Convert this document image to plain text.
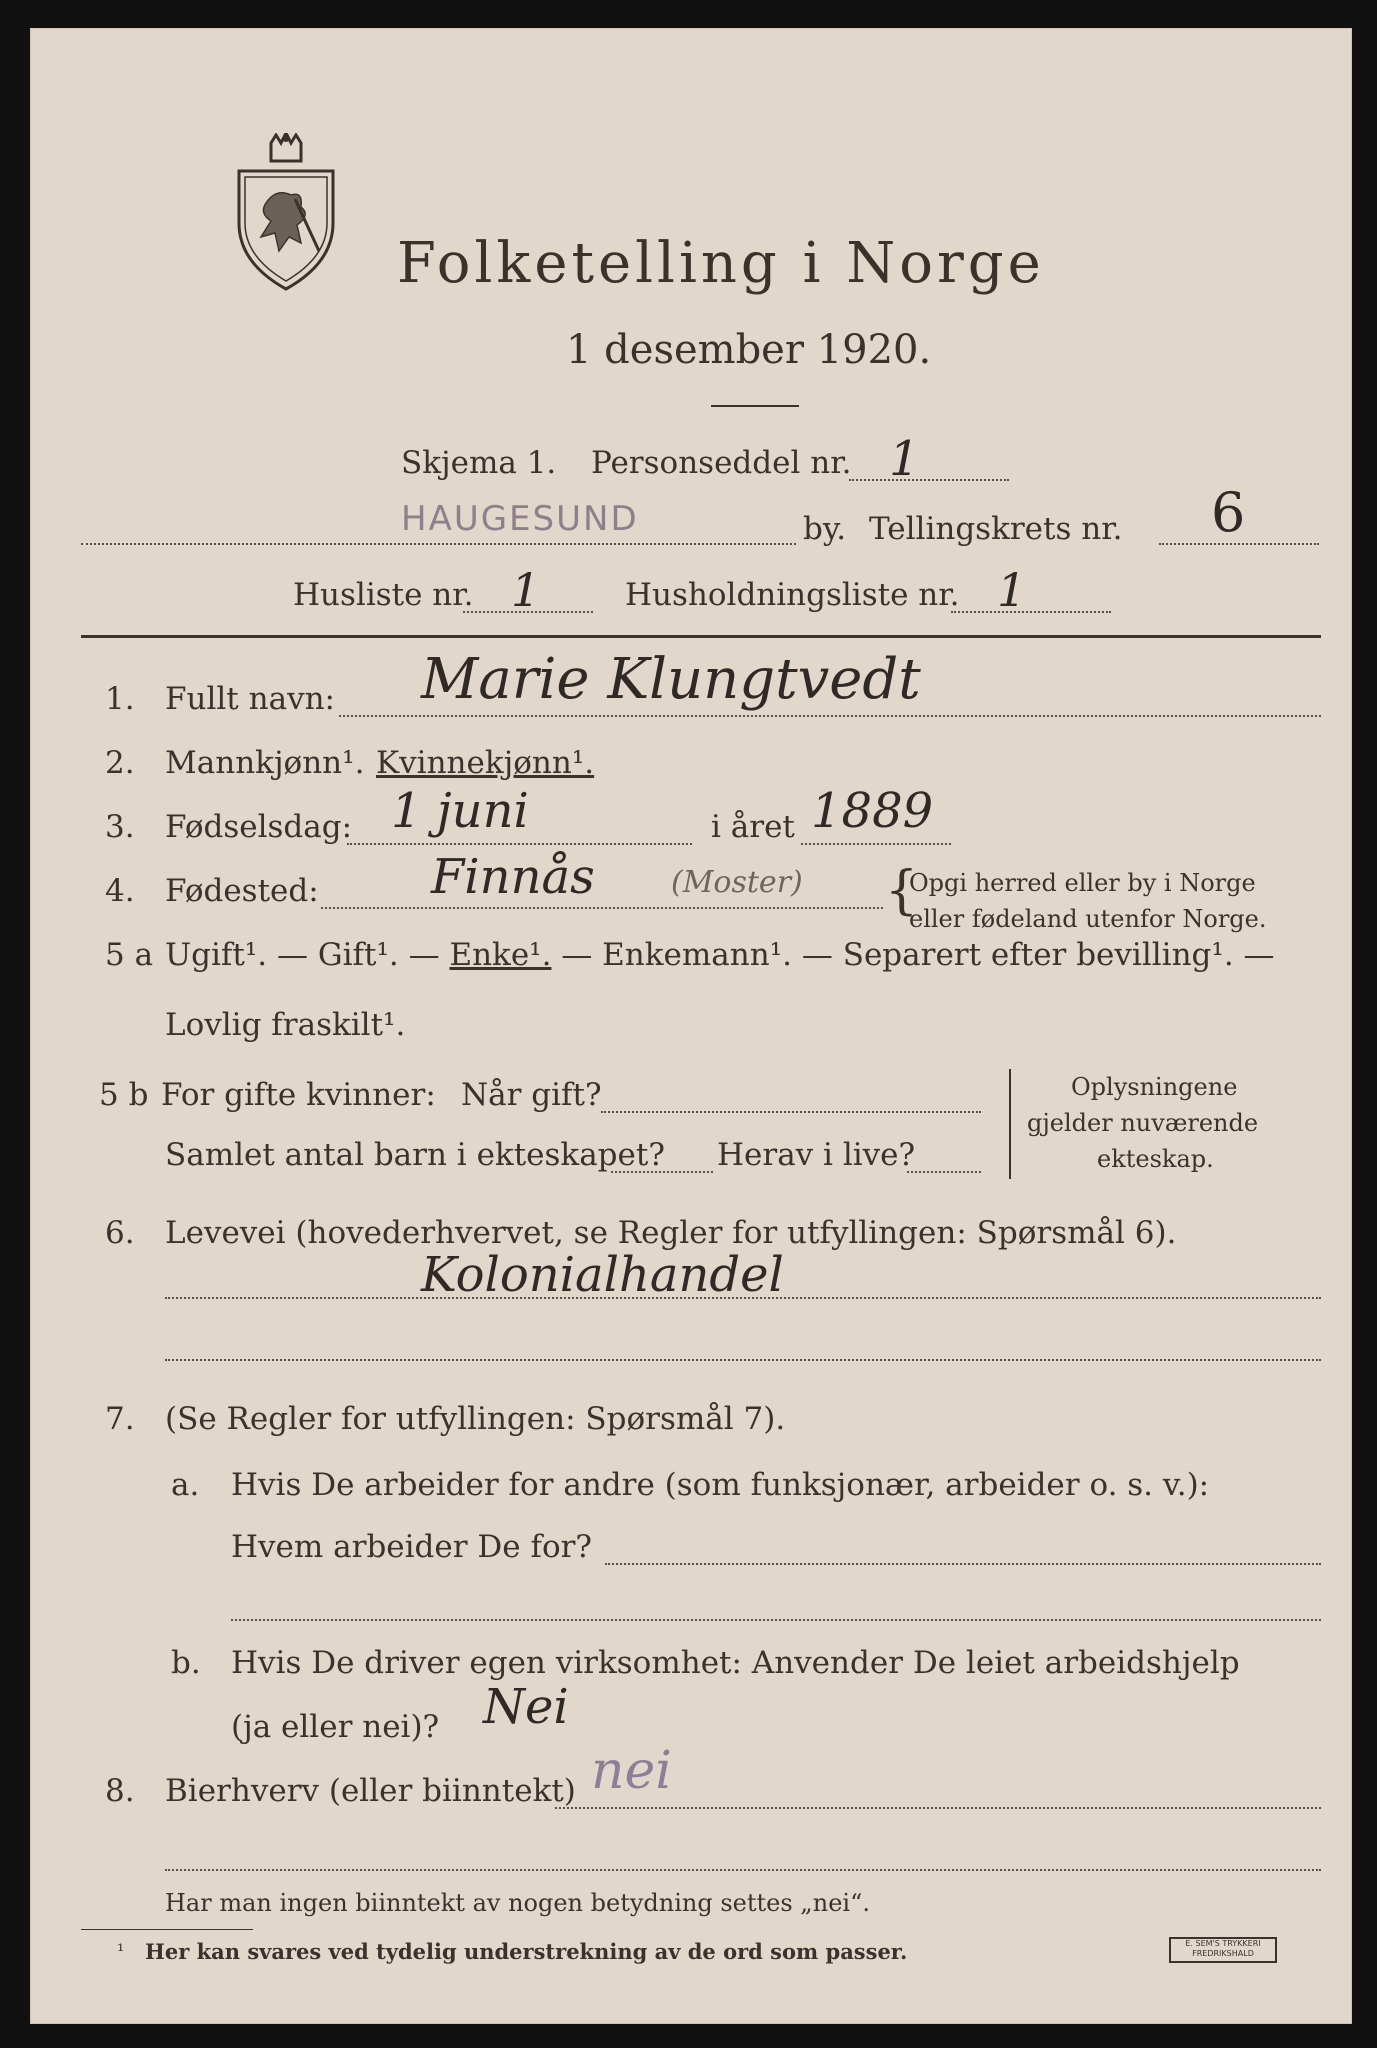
Folketelling i Norge
1 desember 1920.
Skjema 1. Personseddel nr. 1
HAUGESUND	by. Tellingskrets nr. 6
Husliste nr. 1	Husholdningsliste nr. 1
1. Fullt navn: Marie Klungtvedt
2. Mannkjønn¹. Kvinnekjønn¹.
3. Fødselsdag: 1 juni	i året 1889
4. Fødested: Finnås	(Moster) {
Opgi herred eller by i Norge
eller fødeland utenfor Norge.
5 a Ugift¹. — Gift¹. — Enke¹. — Enkemann¹. — Separert efter bevilling¹. —
Lovlig fraskilt¹.
5 b For gifte kvinner: Når gift?
Samlet antal barn i ekteskapet? Herav i live?
Oplysningene
gjelder nuværende
ekteskap.
6. Levevei (hovederhvervet, se Regler for utfyllingen: Spørsmål 6).
Kolonialhandel
7. (Se Regler for utfyllingen: Spørsmål 7).
a. Hvis De arbeider for andre (som funksjonær, arbeider o. s. v.):
Hvem arbeider De for?
b. Hvis De driver egen virksomhet: Anvender De leiet arbeidshjelp
(ja eller nei)? Nei
8. Bierhverv (eller biinntekt) nei
Har man ingen biinntekt av nogen betydning settes „nei“.
¹ Her kan svares ved tydelig understrekning av de ord som passer.	E. SEM'S TRYKKERI FREDRIKSHALD
